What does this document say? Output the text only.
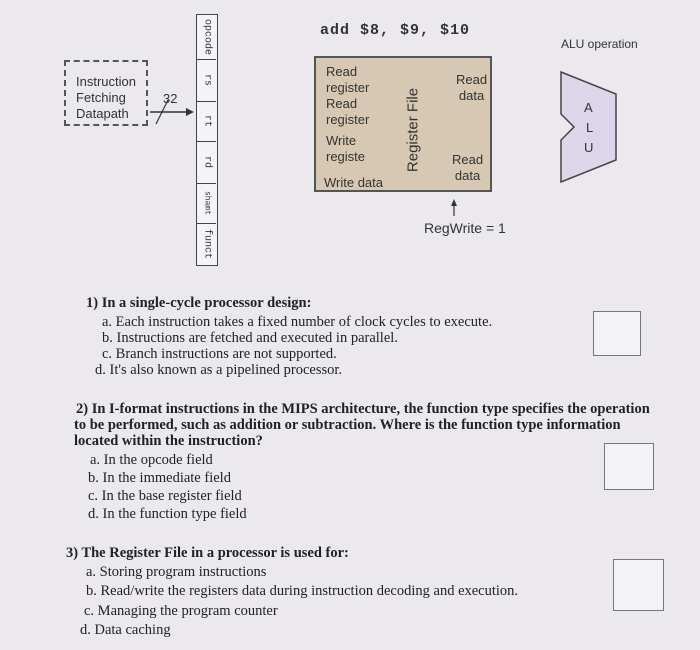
Instruction
Fetching
Datapath
32
opcode
rs
rt
rd
shamt
funct
add $8, $9, $10
ALU operation
Read
register
Read
register
Write
registe
Write data
Register File
Read
data
Read
data
A
L
U
RegWrite = 1
1) In a single-cycle processor design:
a. Each instruction takes a fixed number of clock cycles to execute.
b. Instructions are fetched and executed in parallel.
c. Branch instructions are not supported.
d. It's also known as a pipelined processor.
2) In I-format instructions in the MIPS architecture, the function type specifies the operation
to be performed, such as addition or subtraction. Where is the function type information
located within the instruction?
a. In the opcode field
b. In the immediate field
c. In the base register field
d. In the function type field
3) The Register File in a processor is used for:
a. Storing program instructions
b. Read/write the registers data during instruction decoding and execution.
c. Managing the program counter
d. Data caching
